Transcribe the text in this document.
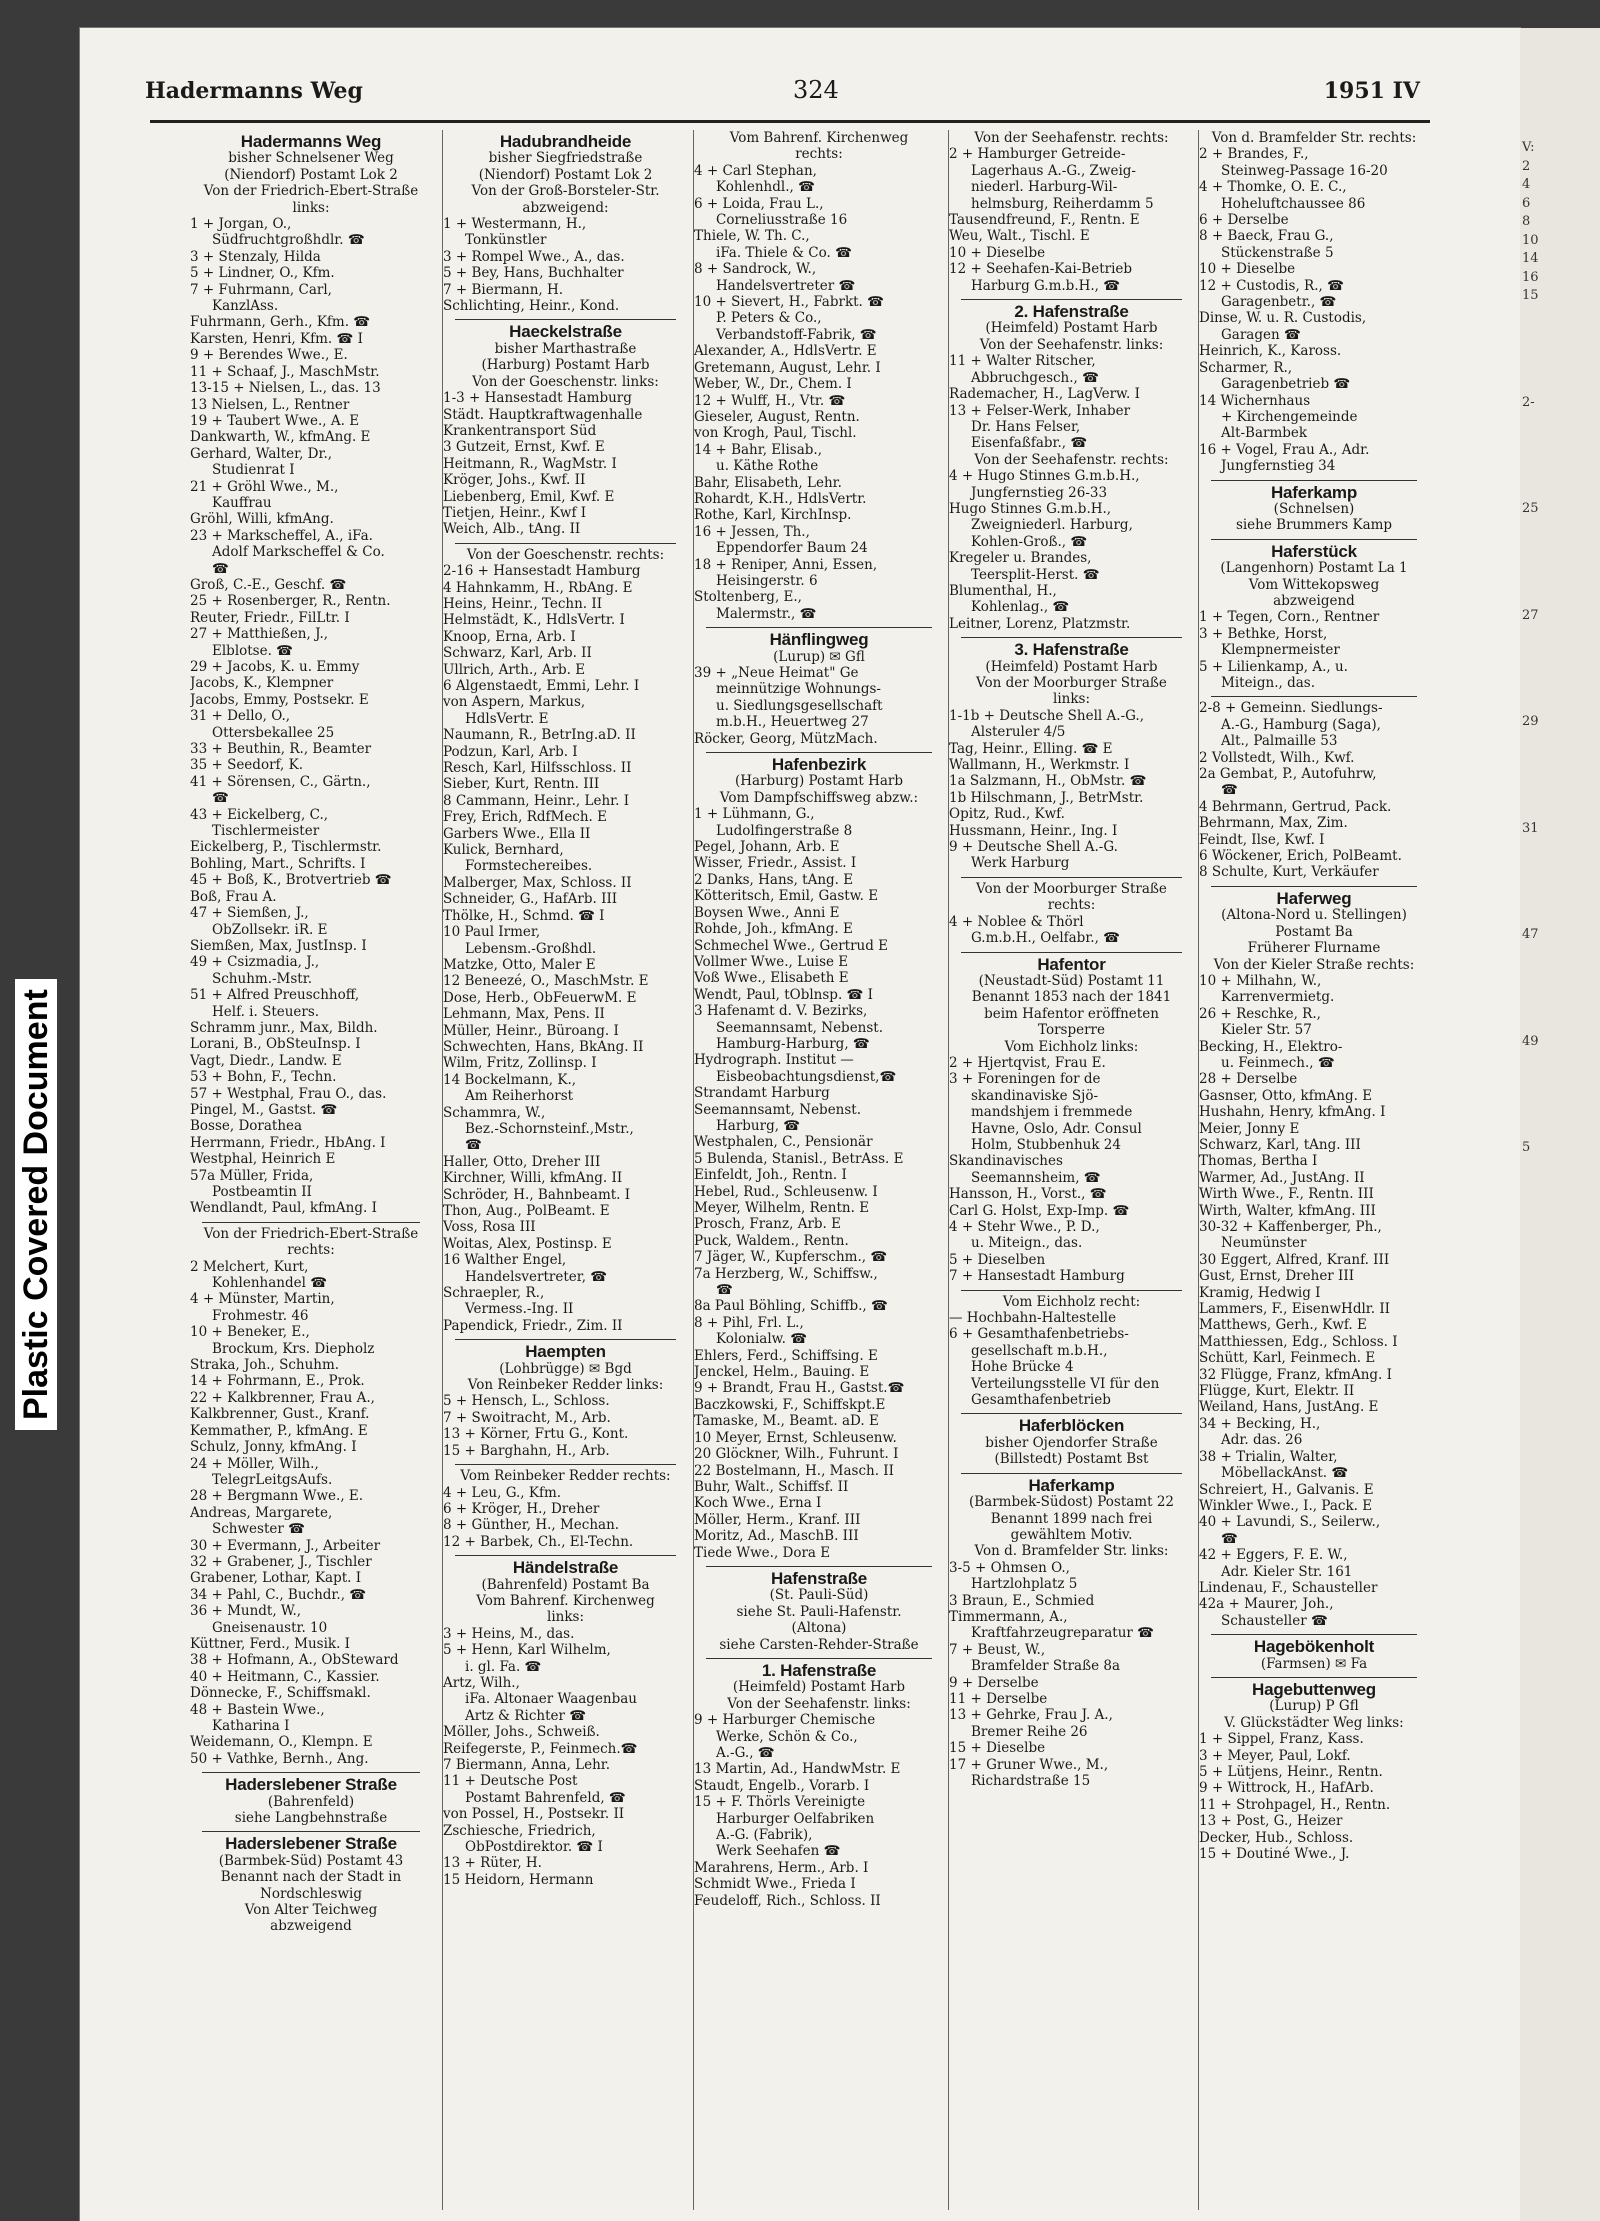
Plastic Covered Document
Hadermanns Weg	324	1951 IV
Hadermanns Weg
bisher Schnelsener Weg
(Niendorf) Postamt Lok 2
Von der Friedrich-Ebert-Straße
links:
1 + Jorgan, O.,
Südfruchtgroßhdlr. ☎
3 + Stenzaly, Hilda
5 + Lindner, O., Kfm.
7 + Fuhrmann, Carl,
KanzlAss.
Fuhrmann, Gerh., Kfm. ☎
Karsten, Henri, Kfm. ☎ I
9 + Berendes Wwe., E.
11 + Schaaf, J., MaschMstr.
13-15 + Nielsen, L., das. 13
13 Nielsen, L., Rentner
19 + Taubert Wwe., A. E
Dankwarth, W., kfmAng. E
Gerhard, Walter, Dr.,
Studienrat I
21 + Gröhl Wwe., M.,
Kauffrau
Gröhl, Willi, kfmAng.
23 + Markscheffel, A., iFa.
Adolf Markscheffel & Co.
☎
Groß, C.-E., Geschf. ☎
25 + Rosenberger, R., Rentn.
Reuter, Friedr., FilLtr. I
27 + Matthießen, J.,
Elblotse. ☎
29 + Jacobs, K. u. Emmy
Jacobs, K., Klempner
Jacobs, Emmy, Postsekr. E
31 + Dello, O.,
Ottersbekallee 25
33 + Beuthin, R., Beamter
35 + Seedorf, K.
41 + Sörensen, C., Gärtn.,
☎
43 + Eickelberg, C.,
Tischlermeister
Eickelberg, P., Tischlermstr.
Bohling, Mart., Schrifts. I
45 + Boß, K., Brotvertrieb ☎
Boß, Frau A.
47 + Siemßen, J.,
ObZollsekr. iR. E
Siemßen, Max, JustInsp. I
49 + Csizmadia, J.,
Schuhm.-Mstr.
51 + Alfred Preuschhoff,
Helf. i. Steuers.
Schramm junr., Max, Bildh.
Lorani, B., ObSteuInsp. I
Vagt, Diedr., Landw. E
53 + Bohn, F., Techn.
57 + Westphal, Frau O., das.
Pingel, M., Gastst. ☎
Bosse, Dorathea
Herrmann, Friedr., HbAng. I
Westphal, Heinrich E
57a Müller, Frida,
Postbeamtin II
Wendlandt, Paul, kfmAng. I
Von der Friedrich-Ebert-Straße
rechts:
2 Melchert, Kurt,
Kohlenhandel ☎
4 + Münster, Martin,
Frohmestr. 46
10 + Beneker, E.,
Brockum, Krs. Diepholz
Straka, Joh., Schuhm.
14 + Fohrmann, E., Prok.
22 + Kalkbrenner, Frau A.,
Kalkbrenner, Gust., Kranf.
Kemmather, P., kfmAng. E
Schulz, Jonny, kfmAng. I
24 + Möller, Wilh.,
TelegrLeitgsAufs.
28 + Bergmann Wwe., E.
Andreas, Margarete,
Schwester ☎
30 + Evermann, J., Arbeiter
32 + Grabener, J., Tischler
Grabener, Lothar, Kapt. I
34 + Pahl, C., Buchdr., ☎
36 + Mundt, W.,
Gneisenaustr. 10
Küttner, Ferd., Musik. I
38 + Hofmann, A., ObSteward
40 + Heitmann, C., Kassier.
Dönnecke, F., Schiffsmakl.
48 + Bastein Wwe.,
Katharina I
Weidemann, O., Klempn. E
50 + Vathke, Bernh., Ang.
Haderslebener Straße
(Bahrenfeld)
siehe Langbehnstraße
Haderslebener Straße
(Barmbek-Süd) Postamt 43
Benannt nach der Stadt in
Nordschleswig
Von Alter Teichweg
abzweigend
Hadubrandheide
bisher Siegfriedstraße
(Niendorf) Postamt Lok 2
Von der Groß-Borsteler-Str.
abzweigend:
1 + Westermann, H.,
Tonkünstler
3 + Rompel Wwe., A., das.
5 + Bey, Hans, Buchhalter
7 + Biermann, H.
Schlichting, Heinr., Kond.
Haeckelstraße
bisher Marthastraße
(Harburg) Postamt Harb
Von der Goeschenstr. links:
1-3 + Hansestadt Hamburg
Städt. Hauptkraftwagenhalle
Krankentransport Süd
3 Gutzeit, Ernst, Kwf. E
Heitmann, R., WagMstr. I
Kröger, Johs., Kwf. II
Liebenberg, Emil, Kwf. E
Tietjen, Heinr., Kwf I
Weich, Alb., tAng. II
Von der Goeschenstr. rechts:
2-16 + Hansestadt Hamburg
4 Hahnkamm, H., RbAng. E
Heins, Heinr., Techn. II
Helmstädt, K., HdlsVertr. I
Knoop, Erna, Arb. I
Schwarz, Karl, Arb. II
Ullrich, Arth., Arb. E
6 Algenstaedt, Emmi, Lehr. I
von Aspern, Markus,
HdlsVertr. E
Naumann, R., BetrIng.aD. II
Podzun, Karl, Arb. I
Resch, Karl, Hilfsschloss. II
Sieber, Kurt, Rentn. III
8 Cammann, Heinr., Lehr. I
Frey, Erich, RdfMech. E
Garbers Wwe., Ella II
Kulick, Bernhard,
Formstechereibes.
Malberger, Max, Schloss. II
Schneider, G., HafArb. III
Thölke, H., Schmd. ☎ I
10 Paul Irmer,
Lebensm.-Großhdl.
Matzke, Otto, Maler E
12 Beneezé, O., MaschMstr. E
Dose, Herb., ObFeuerwM. E
Lehmann, Max, Pens. II
Müller, Heinr., Büroang. I
Schwechten, Hans, BkAng. II
Wilm, Fritz, Zollinsp. I
14 Bockelmann, K.,
Am Reiherhorst
Schammra, W.,
Bez.-Schornsteinf.,Mstr.,
☎
Haller, Otto, Dreher III
Kirchner, Willi, kfmAng. II
Schröder, H., Bahnbeamt. I
Thon, Aug., PolBeamt. E
Voss, Rosa III
Woitas, Alex, Postinsp. E
16 Walther Engel,
Handelsvertreter, ☎
Schraepler, R.,
Vermess.-Ing. II
Papendick, Friedr., Zim. II
Haempten
(Lohbrügge) ✉ Bgd
Von Reinbeker Redder links:
5 + Hensch, L., Schloss.
7 + Swoitracht, M., Arb.
13 + Körner, Frtu G., Kont.
15 + Barghahn, H., Arb.
Vom Reinbeker Redder rechts:
4 + Leu, G., Kfm.
6 + Kröger, H., Dreher
8 + Günther, H., Mechan.
12 + Barbek, Ch., El-Techn.
Händelstraße
(Bahrenfeld) Postamt Ba
Vom Bahrenf. Kirchenweg
links:
3 + Heins, M., das.
5 + Henn, Karl Wilhelm,
i. gl. Fa. ☎
Artz, Wilh.,
iFa. Altonaer Waagenbau
Artz & Richter ☎
Möller, Johs., Schweiß.
Reifegerste, P., Feinmech.☎
7 Biermann, Anna, Lehr.
11 + Deutsche Post
Postamt Bahrenfeld, ☎
von Possel, H., Postsekr. II
Zschiesche, Friedrich,
ObPostdirektor. ☎ I
13 + Rüter, H.
15 Heidorn, Hermann
Vom Bahrenf. Kirchenweg
rechts:
4 + Carl Stephan,
Kohlenhdl., ☎
6 + Loida, Frau L.,
Corneliusstraße 16
Thiele, W. Th. C.,
iFa. Thiele & Co. ☎
8 + Sandrock, W.,
Handelsvertreter ☎
10 + Sievert, H., Fabrkt. ☎
P. Peters & Co.,
Verbandstoff-Fabrik, ☎
Alexander, A., HdlsVertr. E
Gretemann, August, Lehr. I
Weber, W., Dr., Chem. I
12 + Wulff, H., Vtr. ☎
Gieseler, August, Rentn.
von Krogh, Paul, Tischl.
14 + Bahr, Elisab.,
u. Käthe Rothe
Bahr, Elisabeth, Lehr.
Rohardt, K.H., HdlsVertr.
Rothe, Karl, KirchInsp.
16 + Jessen, Th.,
Eppendorfer Baum 24
18 + Reniper, Anni, Essen,
Heisingerstr. 6
Stoltenberg, E.,
Malermstr., ☎
Hänflingweg
(Lurup) ✉ Gfl
39 + „Neue Heimat" Ge
meinnützige Wohnungs-
u. Siedlungsgesellschaft
m.b.H., Heuertweg 27
Röcker, Georg, MützMach.
Hafenbezirk
(Harburg) Postamt Harb
Vom Dampfschiffsweg abzw.:
1 + Lühmann, G.,
Ludolfingerstraße 8
Pegel, Johann, Arb. E
Wisser, Friedr., Assist. I
2 Danks, Hans, tAng. E
Kötteritsch, Emil, Gastw. E
Boysen Wwe., Anni E
Rohde, Joh., kfmAng. E
Schmechel Wwe., Gertrud E
Vollmer Wwe., Luise E
Voß Wwe., Elisabeth E
Wendt, Paul, tOblnsp. ☎ I
3 Hafenamt d. V. Bezirks,
Seemannsamt, Nebenst.
Hamburg-Harburg, ☎
Hydrograph. Institut —
Eisbeobachtungsdienst,☎
Strandamt Harburg
Seemannsamt, Nebenst.
Harburg, ☎
Westphalen, C., Pensionär
5 Bulenda, Stanisl., BetrAss. E
Einfeldt, Joh., Rentn. I
Hebel, Rud., Schleusenw. I
Meyer, Wilhelm, Rentn. E
Prosch, Franz, Arb. E
Puck, Waldem., Rentn.
7 Jäger, W., Kupferschm., ☎
7a Herzberg, W., Schiffsw.,
☎
8a Paul Böhling, Schiffb., ☎
8 + Pihl, Frl. L.,
Kolonialw. ☎
Ehlers, Ferd., Schiffsing. E
Jenckel, Helm., Bauing. E
9 + Brandt, Frau H., Gastst.☎
Baczkowski, F., Schiffskpt.E
Tamaske, M., Beamt. aD. E
10 Meyer, Ernst, Schleusenw.
20 Glöckner, Wilh., Fuhrunt. I
22 Bostelmann, H., Masch. II
Buhr, Walt., Schiffsf. II
Koch Wwe., Erna I
Möller, Herm., Kranf. III
Moritz, Ad., MaschB. III
Tiede Wwe., Dora E
Hafenstraße
(St. Pauli-Süd)
siehe St. Pauli-Hafenstr.
(Altona)
siehe Carsten-Rehder-Straße
1. Hafenstraße
(Heimfeld) Postamt Harb
Von der Seehafenstr. links:
9 + Harburger Chemische
Werke, Schön & Co.,
A.-G., ☎
13 Martin, Ad., HandwMstr. E
Staudt, Engelb., Vorarb. I
15 + F. Thörls Vereinigte
Harburger Oelfabriken
A.-G. (Fabrik),
Werk Seehafen ☎
Marahrens, Herm., Arb. I
Schmidt Wwe., Frieda I
Feudeloff, Rich., Schloss. II
Von der Seehafenstr. rechts:
2 + Hamburger Getreide-
Lagerhaus A.-G., Zweig-
niederl. Harburg-Wil-
helmsburg, Reiherdamm 5
Tausendfreund, F., Rentn. E
Weu, Walt., Tischl. E
10 + Dieselbe
12 + Seehafen-Kai-Betrieb
Harburg G.m.b.H., ☎
2. Hafenstraße
(Heimfeld) Postamt Harb
Von der Seehafenstr. links:
11 + Walter Ritscher,
Abbruchgesch., ☎
Rademacher, H., LagVerw. I
13 + Felser-Werk, Inhaber
Dr. Hans Felser,
Eisenfaßfabr., ☎
Von der Seehafenstr. rechts:
4 + Hugo Stinnes G.m.b.H.,
Jungfernstieg 26-33
Hugo Stinnes G.m.b.H.,
Zweigniederl. Harburg,
Kohlen-Groß., ☎
Kregeler u. Brandes,
Teersplit-Herst. ☎
Blumenthal, H.,
Kohlenlag., ☎
Leitner, Lorenz, Platzmstr.
3. Hafenstraße
(Heimfeld) Postamt Harb
Von der Moorburger Straße
links:
1-1b + Deutsche Shell A.-G.,
Alsteruler 4/5
Tag, Heinr., Elling. ☎ E
Wallmann, H., Werkmstr. I
1a Salzmann, H., ObMstr. ☎
1b Hilschmann, J., BetrMstr.
Opitz, Rud., Kwf.
Hussmann, Heinr., Ing. I
9 + Deutsche Shell A.-G.
Werk Harburg
Von der Moorburger Straße
rechts:
4 + Noblee & Thörl
G.m.b.H., Oelfabr., ☎
Hafentor
(Neustadt-Süd) Postamt 11
Benannt 1853 nach der 1841
beim Hafentor eröffneten
Torsperre
Vom Eichholz links:
2 + Hjertqvist, Frau E.
3 + Foreningen for de
skandinaviske Sjö-
mandshjem i fremmede
Havne, Oslo, Adr. Consul
Holm, Stubbenhuk 24
Skandinavisches
Seemannsheim, ☎
Hansson, H., Vorst., ☎
Carl G. Holst, Exp-Imp. ☎
4 + Stehr Wwe., P. D.,
u. Miteign., das.
5 + Dieselben
7 + Hansestadt Hamburg
Vom Eichholz recht:
— Hochbahn-Haltestelle
6 + Gesamthafenbetriebs-
gesellschaft m.b.H.,
Hohe Brücke 4
Verteilungsstelle VI für den
Gesamthafenbetrieb
Haferblöcken
bisher Ojendorfer Straße
(Billstedt) Postamt Bst
Haferkamp
(Barmbek-Südost) Postamt 22
Benannt 1899 nach frei
gewähltem Motiv.
Von d. Bramfelder Str. links:
3-5 + Ohmsen O.,
Hartzlohplatz 5
3 Braun, E., Schmied
Timmermann, A.,
Kraftfahrzeugreparatur ☎
7 + Beust, W.,
Bramfelder Straße 8a
9 + Derselbe
11 + Derselbe
13 + Gehrke, Frau J. A.,
Bremer Reihe 26
15 + Dieselbe
17 + Gruner Wwe., M.,
Richardstraße 15
Von d. Bramfelder Str. rechts:
2 + Brandes, F.,
Steinweg-Passage 16-20
4 + Thomke, O. E. C.,
Hoheluftchaussee 86
6 + Derselbe
8 + Baeck, Frau G.,
Stückenstraße 5
10 + Dieselbe
12 + Custodis, R., ☎
Garagenbetr., ☎
Dinse, W. u. R. Custodis,
Garagen ☎
Heinrich, K., Kaross.
Scharmer, R.,
Garagenbetrieb ☎
14 Wichernhaus
+ Kirchengemeinde
Alt-Barmbek
16 + Vogel, Frau A., Adr.
Jungfernstieg 34
Haferkamp
(Schnelsen)
siehe Brummers Kamp
Haferstück
(Langenhorn) Postamt La 1
Vom Wittekopsweg
abzweigend
1 + Tegen, Corn., Rentner
3 + Bethke, Horst,
Klempnermeister
5 + Lilienkamp, A., u.
Miteign., das.
2-8 + Gemeinn. Siedlungs-
A.-G., Hamburg (Saga),
Alt., Palmaille 53
2 Vollstedt, Wilh., Kwf.
2a Gembat, P., Autofuhrw,
☎
4 Behrmann, Gertrud, Pack.
Behrmann, Max, Zim.
Feindt, Ilse, Kwf. I
6 Wöckener, Erich, PolBeamt.
8 Schulte, Kurt, Verkäufer
Haferweg
(Altona-Nord u. Stellingen)
Postamt Ba
Früherer Flurname
Von der Kieler Straße rechts:
10 + Milhahn, W.,
Karrenvermietg.
26 + Reschke, R.,
Kieler Str. 57
Becking, H., Elektro-
u. Feinmech., ☎
28 + Derselbe
Gasnser, Otto, kfmAng. E
Hushahn, Henry, kfmAng. I
Meier, Jonny E
Schwarz, Karl, tAng. III
Thomas, Bertha I
Warmer, Ad., JustAng. II
Wirth Wwe., F., Rentn. III
Wirth, Walter, kfmAng. III
30-32 + Kaffenberger, Ph.,
Neumünster
30 Eggert, Alfred, Kranf. III
Gust, Ernst, Dreher III
Kramig, Hedwig I
Lammers, F., EisenwHdlr. II
Matthews, Gerh., Kwf. E
Matthiessen, Edg., Schloss. I
Schütt, Karl, Feinmech. E
32 Flügge, Franz, kfmAng. I
Flügge, Kurt, Elektr. II
Weiland, Hans, JustAng. E
34 + Becking, H.,
Adr. das. 26
38 + Trialin, Walter,
MöbellackAnst. ☎
Schreiert, H., Galvanis. E
Winkler Wwe., I., Pack. E
40 + Lavundi, S., Seilerw.,
☎
42 + Eggers, F. E. W.,
Adr. Kieler Str. 161
Lindenau, F., Schausteller
42a + Maurer, Joh.,
Schausteller ☎
Hagebökenholt
(Farmsen) ✉ Fa
Hagebuttenweg
(Lurup) P Gfl
V. Glückstädter Weg links:
1 + Sippel, Franz, Kass.
3 + Meyer, Paul, Lokf.
5 + Lütjens, Heinr., Rentn.
9 + Wittrock, H., HafArb.
11 + Strohpagel, H., Rentn.
13 + Post, G., Heizer
Decker, Hub., Schloss.
15 + Doutiné Wwe., J.
V:
2
4
6
8
10
14
16
15
2-
25
27
29
31
47
49
5
